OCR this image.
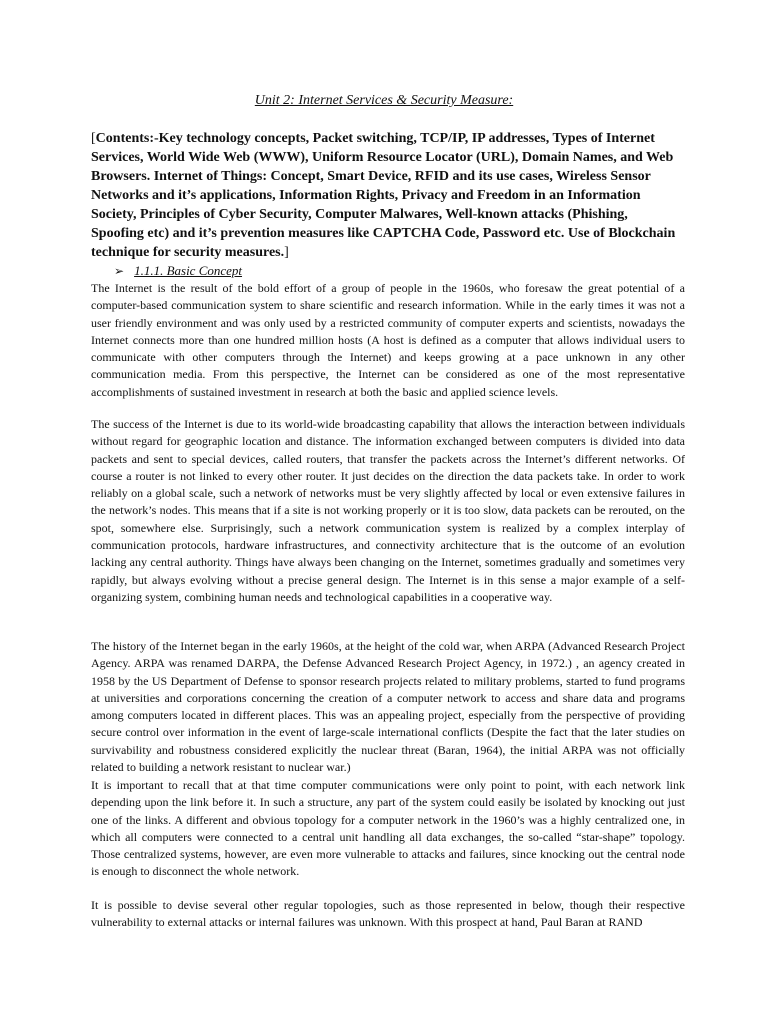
Unit 2: Internet Services & Security Measure:
[Contents:-Key technology concepts, Packet switching, TCP/IP, IP addresses, Types of Internet Services, World Wide Web (WWW), Uniform Resource Locator (URL), Domain Names, and Web Browsers. Internet of Things: Concept, Smart Device, RFID and its use cases, Wireless Sensor Networks and it’s applications, Information Rights, Privacy and Freedom in an Information Society, Principles of Cyber Security, Computer Malwares, Well-known attacks (Phishing, Spoofing etc) and it’s prevention measures like CAPTCHA Code, Password etc. Use of Blockchain technique for security measures.]
➢ 1.1.1. Basic Concept
The Internet is the result of the bold effort of a group of people in the 1960s, who foresaw the great potential of a computer-based communication system to share scientific and research information. While in the early times it was not a user friendly environment and was only used by a restricted community of computer experts and scientists, nowadays the Internet connects more than one hundred million hosts (A host is defined as a computer that allows individual users to communicate with other computers through the Internet) and keeps growing at a pace unknown in any other communication media. From this perspective, the Internet can be considered as one of the most representative accomplishments of sustained investment in research at both the basic and applied science levels.
The success of the Internet is due to its world-wide broadcasting capability that allows the interaction between individuals without regard for geographic location and distance. The information exchanged between computers is divided into data packets and sent to special devices, called routers, that transfer the packets across the Internet’s different networks. Of course a router is not linked to every other router. It just decides on the direction the data packets take. In order to work reliably on a global scale, such a network of networks must be very slightly affected by local or even extensive failures in the network’s nodes. This means that if a site is not working properly or it is too slow, data packets can be rerouted, on the spot, somewhere else. Surprisingly, such a network communication system is realized by a complex interplay of communication protocols, hardware infrastructures, and connectivity architecture that is the outcome of an evolution lacking any central authority. Things have always been changing on the Internet, sometimes gradually and sometimes very rapidly, but always evolving without a precise general design. The Internet is in this sense a major example of a self-organizing system, combining human needs and technological capabilities in a cooperative way.
The history of the Internet began in the early 1960s, at the height of the cold war, when ARPA (Advanced Research Project Agency. ARPA was renamed DARPA, the Defense Advanced Research Project Agency, in 1972.) , an agency created in 1958 by the US Department of Defense to sponsor research projects related to military problems, started to fund programs at universities and corporations concerning the creation of a computer network to access and share data and programs among computers located in different places. This was an appealing project, especially from the perspective of providing secure control over information in the event of large-scale international conflicts (Despite the fact that the later studies on survivability and robustness considered explicitly the nuclear threat (Baran, 1964), the initial ARPA was not officially related to building a network resistant to nuclear war.)
It is important to recall that at that time computer communications were only point to point, with each network link depending upon the link before it. In such a structure, any part of the system could easily be isolated by knocking out just one of the links. A different and obvious topology for a computer network in the 1960’s was a highly centralized one, in which all computers were connected to a central unit handling all data exchanges, the so-called “star-shape” topology. Those centralized systems, however, are even more vulnerable to attacks and failures, since knocking out the central node is enough to disconnect the whole network.
It is possible to devise several other regular topologies, such as those represented in below, though their respective vulnerability to external attacks or internal failures was unknown. With this prospect at hand, Paul Baran at RAND
